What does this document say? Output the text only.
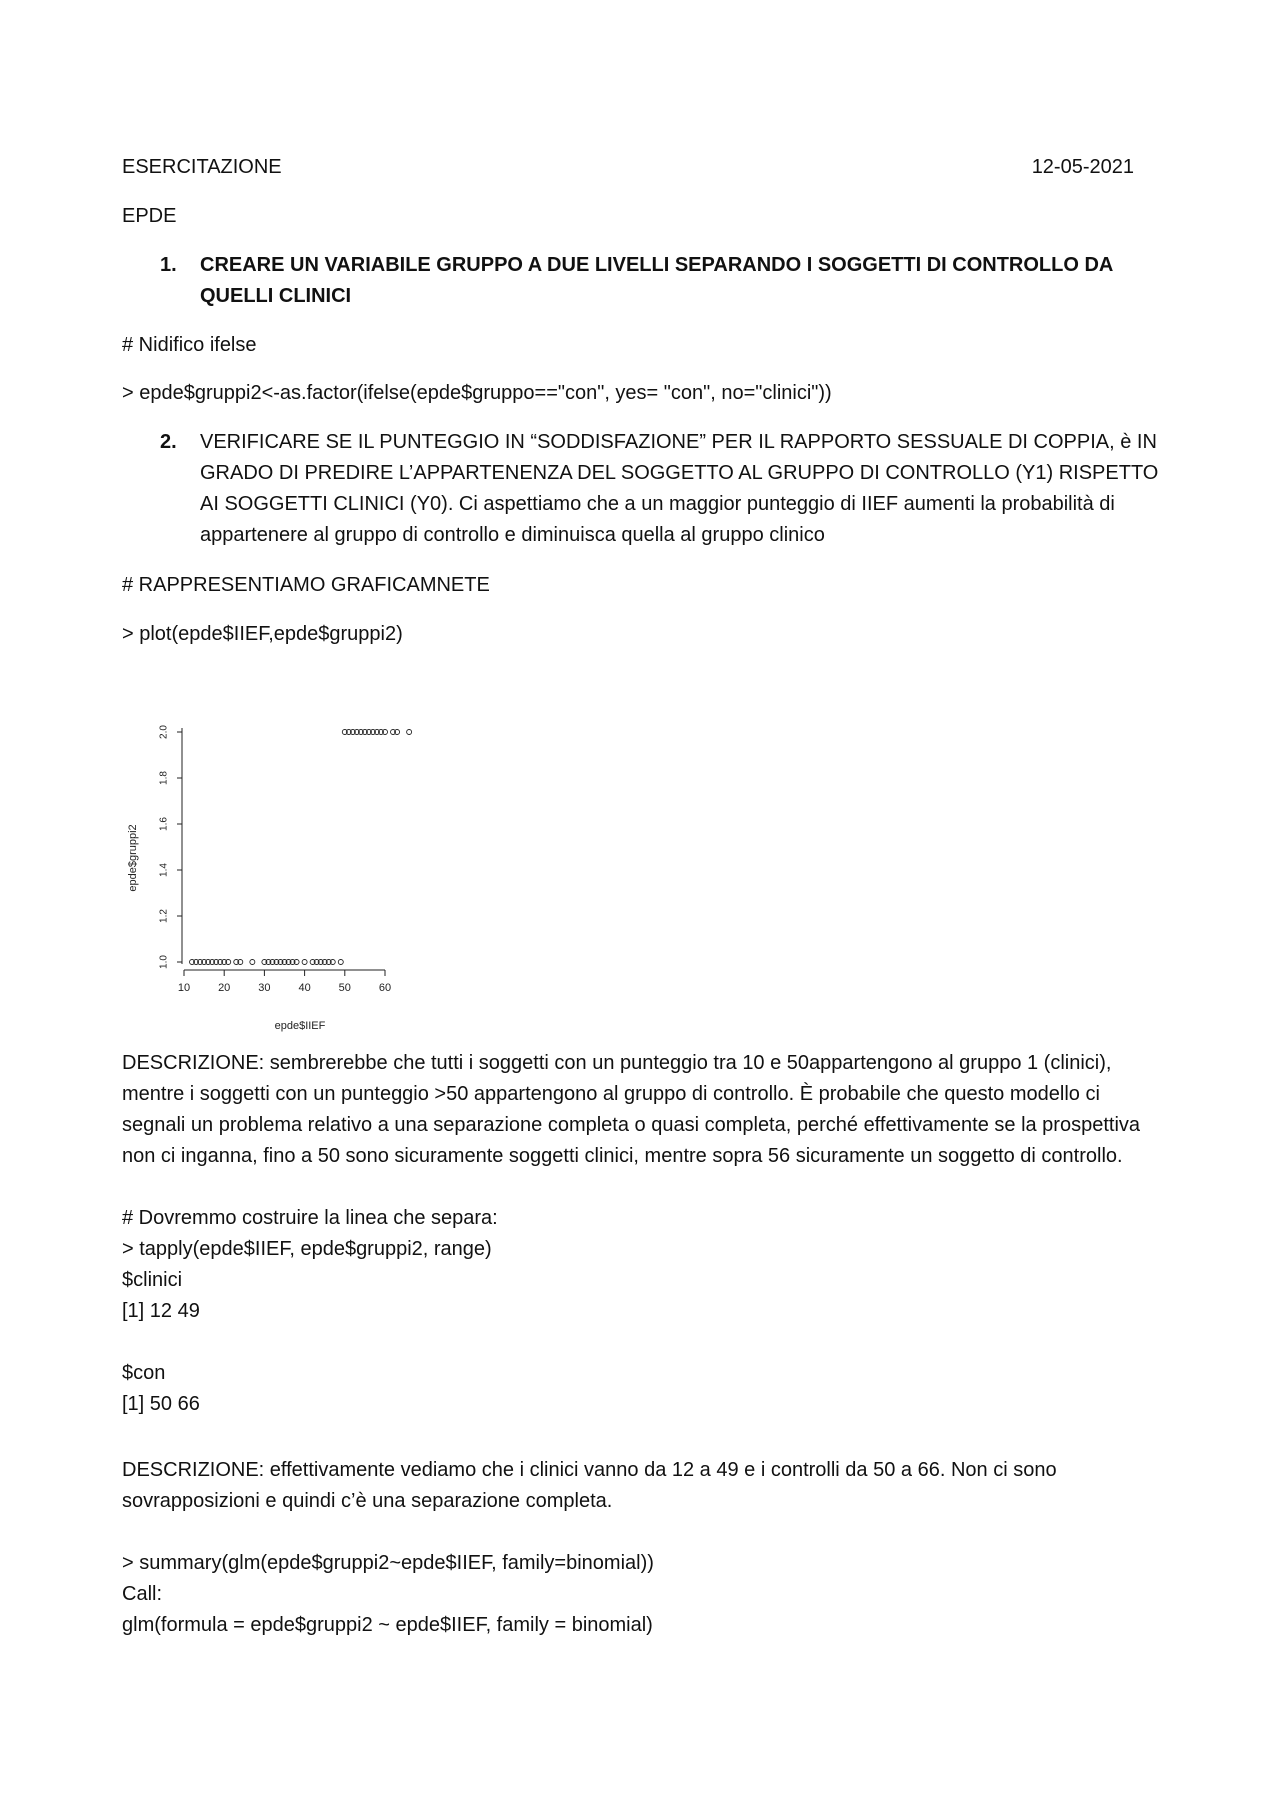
ESERCITAZIONE	12-05-2021
EPDE
1. CREARE UN VARIABILE GRUPPO A DUE LIVELLI SEPARANDO I SOGGETTI DI CONTROLLO DA QUELLI CLINICI
# Nidifico ifelse
> epde$gruppi2<-as.factor(ifelse(epde$gruppo=="con", yes= "con", no="clinici"))
2. VERIFICARE SE IL PUNTEGGIO IN “SODDISFAZIONE” PER IL RAPPORTO SESSUALE DI COPPIA, è IN GRADO DI PREDIRE L’APPARTENENZA DEL SOGGETTO AL GRUPPO DI CONTROLLO (Y1) RISPETTO AI SOGGETTI CLINICI (Y0). Ci aspettiamo che a un maggior punteggio di IIEF aumenti la probabilità di appartenere al gruppo di controllo e diminuisca quella al gruppo clinico
# RAPPRESENTIAMO GRAFICAMNETE
> plot(epde$IIEF,epde$gruppi2)
1.0
1.2
1.4
1.6
1.8
2.0
10	20	30	40	50	60
epde$IIEF
epde$gruppi2
DESCRIZIONE: sembrerebbe che tutti i soggetti con un punteggio tra 10 e 50appartengono al gruppo 1 (clinici), mentre i soggetti con un punteggio >50 appartengono al gruppo di controllo. È probabile che questo modello ci segnali un problema relativo a una separazione completa o quasi completa, perché effettivamente se la prospettiva non ci inganna, fino a 50 sono sicuramente soggetti clinici, mentre sopra 56 sicuramente un soggetto di controllo.
# Dovremmo costruire la linea che separa:
> tapply(epde$IIEF, epde$gruppi2, range)
$clinici
[1] 12 49
$con
[1] 50 66
DESCRIZIONE: effettivamente vediamo che i clinici vanno da 12 a 49 e i controlli da 50 a 66. Non ci sono sovrapposizioni e quindi c’è una separazione completa.
> summary(glm(epde$gruppi2~epde$IIEF, family=binomial))
Call:
glm(formula = epde$gruppi2 ~ epde$IIEF, family = binomial)
